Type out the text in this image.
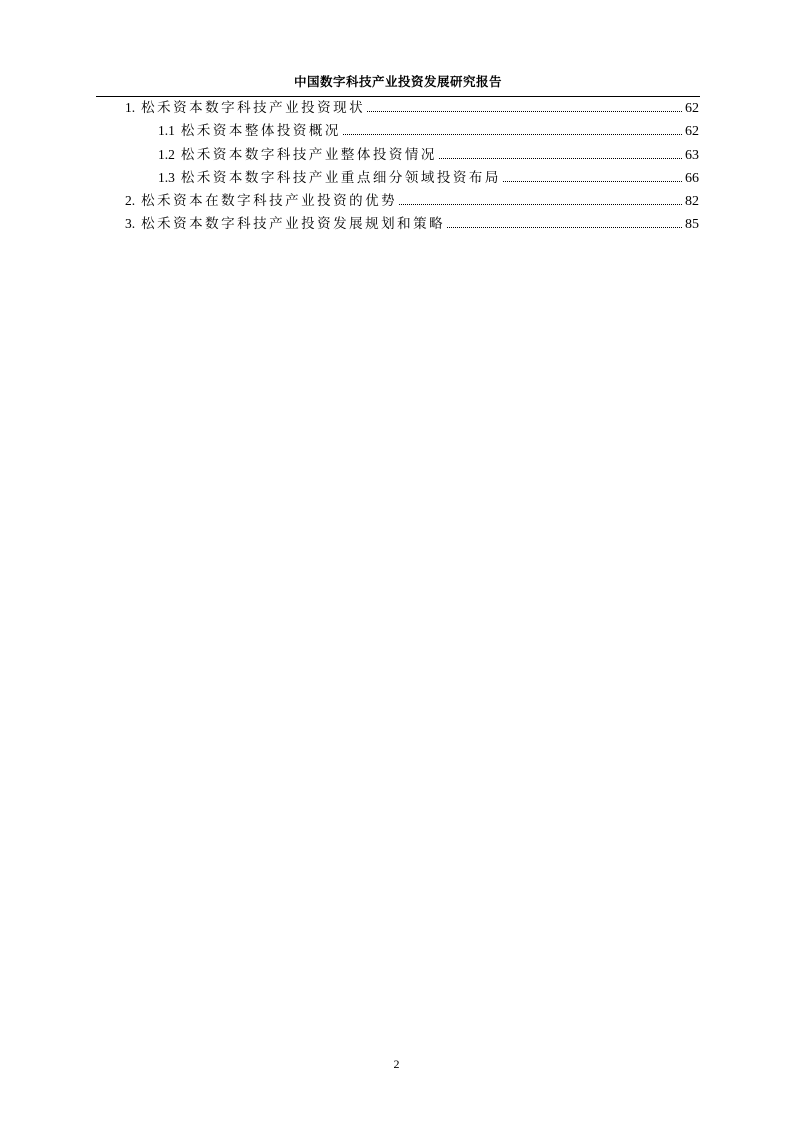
中国数字科技产业投资发展研究报告
1. 松禾资本数字科技产业投资现状	62
1.1 松禾资本整体投资概况	62
1.2 松禾资本数字科技产业整体投资情况	63
1.3 松禾资本数字科技产业重点细分领域投资布局	66
2. 松禾资本在数字科技产业投资的优势	82
3. 松禾资本数字科技产业投资发展规划和策略	85
2
